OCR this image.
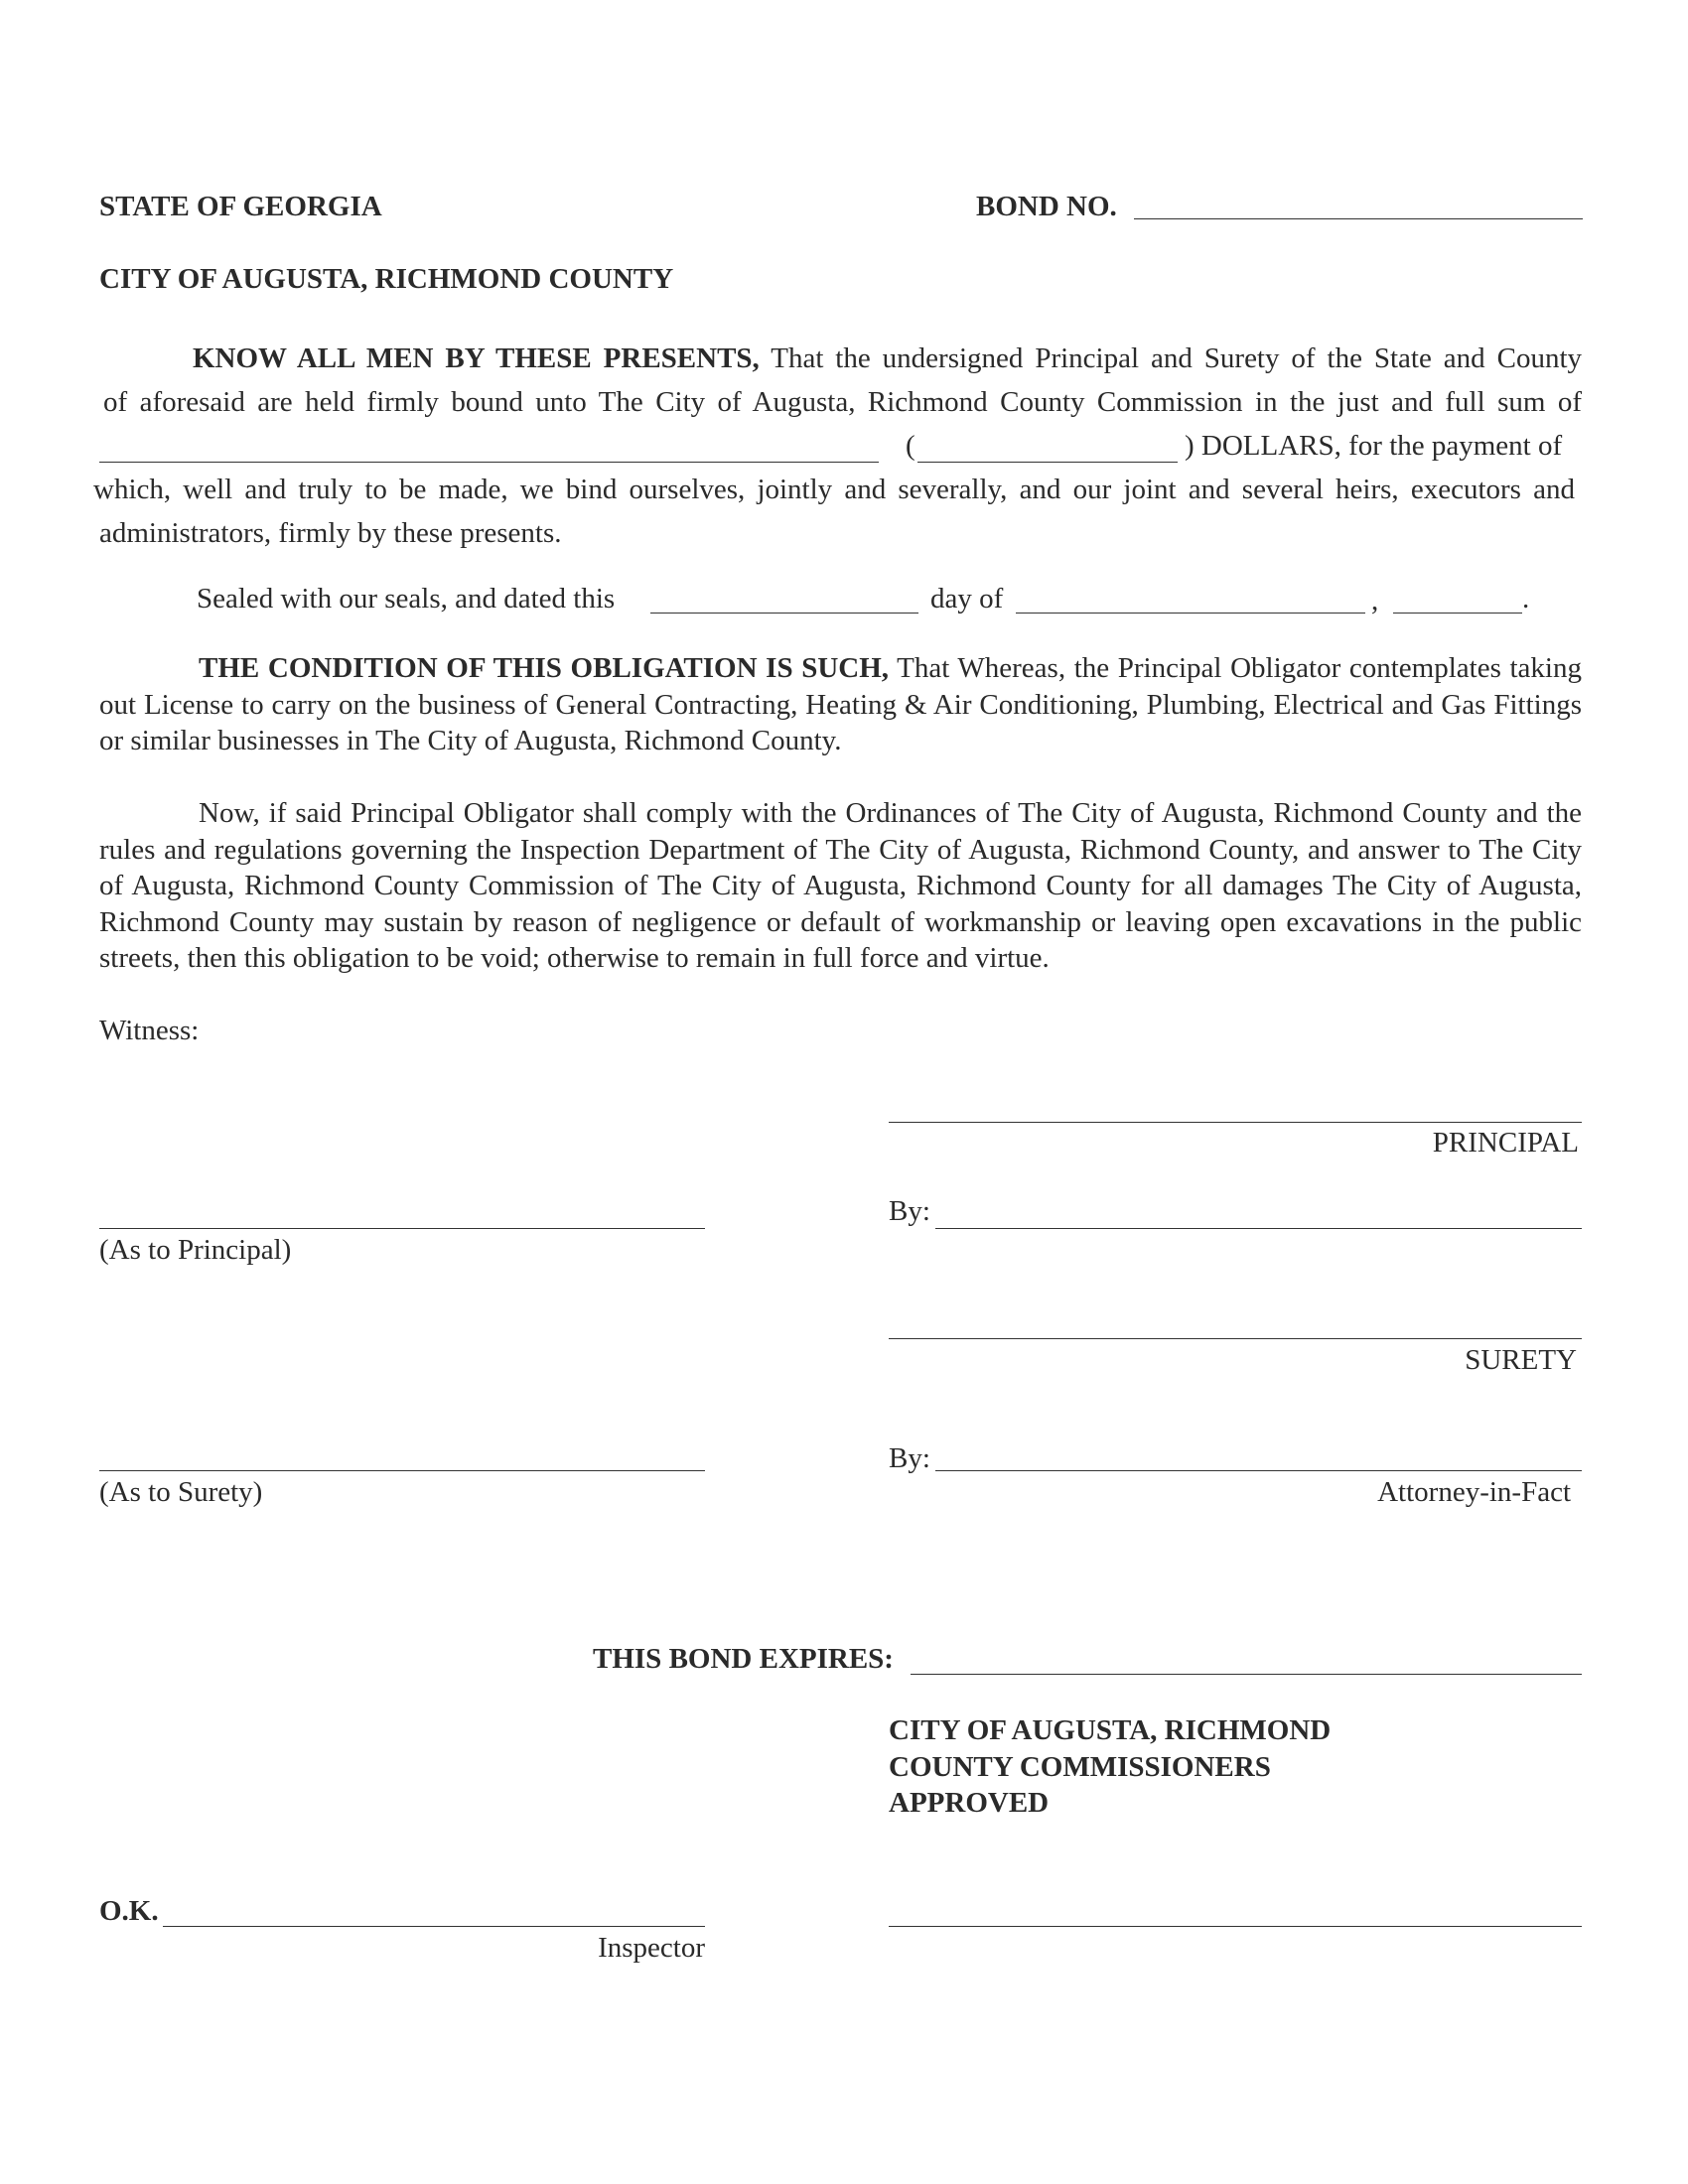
STATE OF GEORGIA	BOND NO.
CITY OF AUGUSTA, RICHMOND COUNTY
KNOW ALL MEN BY THESE PRESENTS, That the undersigned Principal and Surety of the State and County
of aforesaid are held firmly bound unto The City of Augusta, Richmond County Commission in the just and full sum of
(	) DOLLARS, for the payment of
which, well and truly to be made, we bind ourselves, jointly and severally, and our joint and several heirs, executors and
administrators, firmly by these presents.
Sealed with our seals, and dated this	day of	,	.
THE CONDITION OF THIS OBLIGATION IS SUCH, That Whereas, the Principal Obligator contemplates taking out License to carry on the business of General Contracting, Heating & Air Conditioning, Plumbing, Electrical and Gas Fittings or similar businesses in The City of Augusta, Richmond County.
Now, if said Principal Obligator shall comply with the Ordinances of The City of Augusta, Richmond County and the rules and regulations governing the Inspection Department of The City of Augusta, Richmond County, and answer to The City of Augusta, Richmond County Commission of The City of Augusta, Richmond County for all damages The City of Augusta, Richmond County may sustain by reason of negligence or default of workmanship or leaving open excavations in the public streets, then this obligation to be void; otherwise to remain in full force and virtue.
Witness:
PRINCIPAL
By:
(As to Principal)
SURETY
By:
(As to Surety)	Attorney-in-Fact
THIS BOND EXPIRES:
CITY OF AUGUSTA, RICHMOND
COUNTY COMMISSIONERS
APPROVED
O.K.
Inspector
